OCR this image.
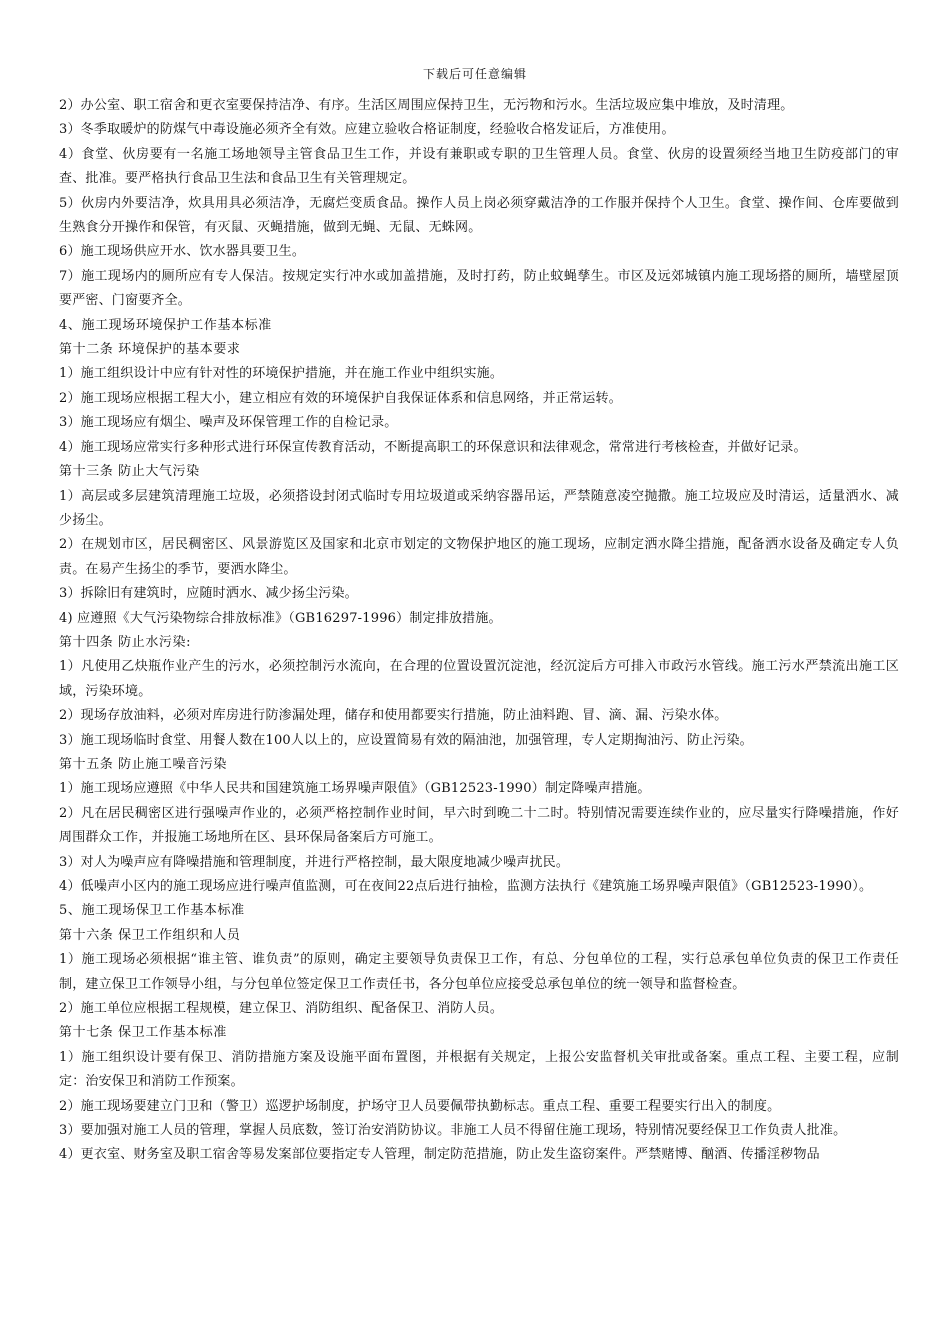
下载后可任意编辑

2）办公室、职工宿舍和更衣室要保持洁净、有序。生活区周围应保持卫生，无污物和污水。生活垃圾应集中堆放，及时清理。

3）冬季取暖炉的防煤气中毒设施必须齐全有效。应建立验收合格证制度，经验收合格发证后，方准使用。

4）食堂、伙房要有一名施工场地领导主管食品卫生工作，并设有兼职或专职的卫生管理人员。食堂、伙房的设置须经当地卫生防疫部门的审查、批准。要严格执行食品卫生法和食品卫生有关管理规定。

5）伙房内外要洁净，炊具用具必须洁净，无腐烂变质食品。操作人员上岗必须穿戴洁净的工作服并保持个人卫生。食堂、操作间、仓库要做到生熟食分开操作和保管，有灭鼠、灭蝇措施，做到无蝇、无鼠、无蛛网。

6）施工现场供应开水、饮水器具要卫生。

7）施工现场内的厕所应有专人保洁。按规定实行冲水或加盖措施，及时打药，防止蚊蝇孳生。市区及远郊城镇内施工现场搭的厕所，墙壁屋顶要严密、门窗要齐全。

4、施工现场环境保护工作基本标准

第十二条 环境保护的基本要求

1）施工组织设计中应有针对性的环境保护措施，并在施工作业中组织实施。

2）施工现场应根据工程大小，建立相应有效的环境保护自我保证体系和信息网络，并正常运转。

3）施工现场应有烟尘、噪声及环保管理工作的自检记录。

4）施工现场应常实行多种形式进行环保宣传教育活动，不断提高职工的环保意识和法律观念，常常进行考核检查，并做好记录。

第十三条 防止大气污染

1）高层或多层建筑清理施工垃圾，必须搭设封闭式临时专用垃圾道或采纳容器吊运，严禁随意凌空抛撒。施工垃圾应及时清运，适量洒水、减少扬尘。

2）在规划市区，居民稠密区、风景游览区及国家和北京市划定的文物保护地区的施工现场，应制定洒水降尘措施，配备洒水设备及确定专人负责。在易产生扬尘的季节，要洒水降尘。

3）拆除旧有建筑时，应随时洒水、减少扬尘污染。

4) 应遵照《大气污染物综合排放标准》（GB16297-1996）制定排放措施。

第十四条 防止水污染:

1）凡使用乙炔瓶作业产生的污水，必须控制污水流向，在合理的位置设置沉淀池，经沉淀后方可排入市政污水管线。施工污水严禁流出施工区域，污染环境。

2）现场存放油料，必须对库房进行防渗漏处理，储存和使用都要实行措施，防止油料跑、冒、滴、漏、污染水体。

3）施工现场临时食堂、用餐人数在100人以上的，应设置简易有效的隔油池，加强管理，专人定期掏油污、防止污染。

第十五条 防止施工噪音污染

1）施工现场应遵照《中华人民共和国建筑施工场界噪声限值》（GB12523-1990）制定降噪声措施。

2）凡在居民稠密区进行强噪声作业的，必须严格控制作业时间，早六时到晚二十二时。特别情况需要连续作业的，应尽量实行降噪措施，作好周围群众工作，并报施工场地所在区、县环保局备案后方可施工。

3）对人为噪声应有降噪措施和管理制度，并进行严格控制，最大限度地减少噪声扰民。

4）低噪声小区内的施工现场应进行噪声值监测，可在夜间22点后进行抽检，监测方法执行《建筑施工场界噪声限值》（GB12523-1990）。

5、施工现场保卫工作基本标准

第十六条 保卫工作组织和人员

1）施工现场必须根据“谁主管、谁负责”的原则，确定主要领导负责保卫工作，有总、分包单位的工程，实行总承包单位负责的保卫工作责任制，建立保卫工作领导小组，与分包单位签定保卫工作责任书，各分包单位应接受总承包单位的统一领导和监督检查。

2）施工单位应根据工程规模，建立保卫、消防组织、配备保卫、消防人员。

第十七条 保卫工作基本标准

1）施工组织设计要有保卫、消防措施方案及设施平面布置图，并根据有关规定，上报公安监督机关审批或备案。重点工程、主要工程，应制定：治安保卫和消防工作预案。

2）施工现场要建立门卫和（警卫）巡逻护场制度，护场守卫人员要佩带执勤标志。重点工程、重要工程要实行出入的制度。

3）要加强对施工人员的管理，掌握人员底数，签订治安消防协议。非施工人员不得留住施工现场，特别情况要经保卫工作负责人批准。

4）更衣室、财务室及职工宿舍等易发案部位要指定专人管理，制定防范措施，防止发生盗窃案件。严禁赌博、酗酒、传播淫秽物品
